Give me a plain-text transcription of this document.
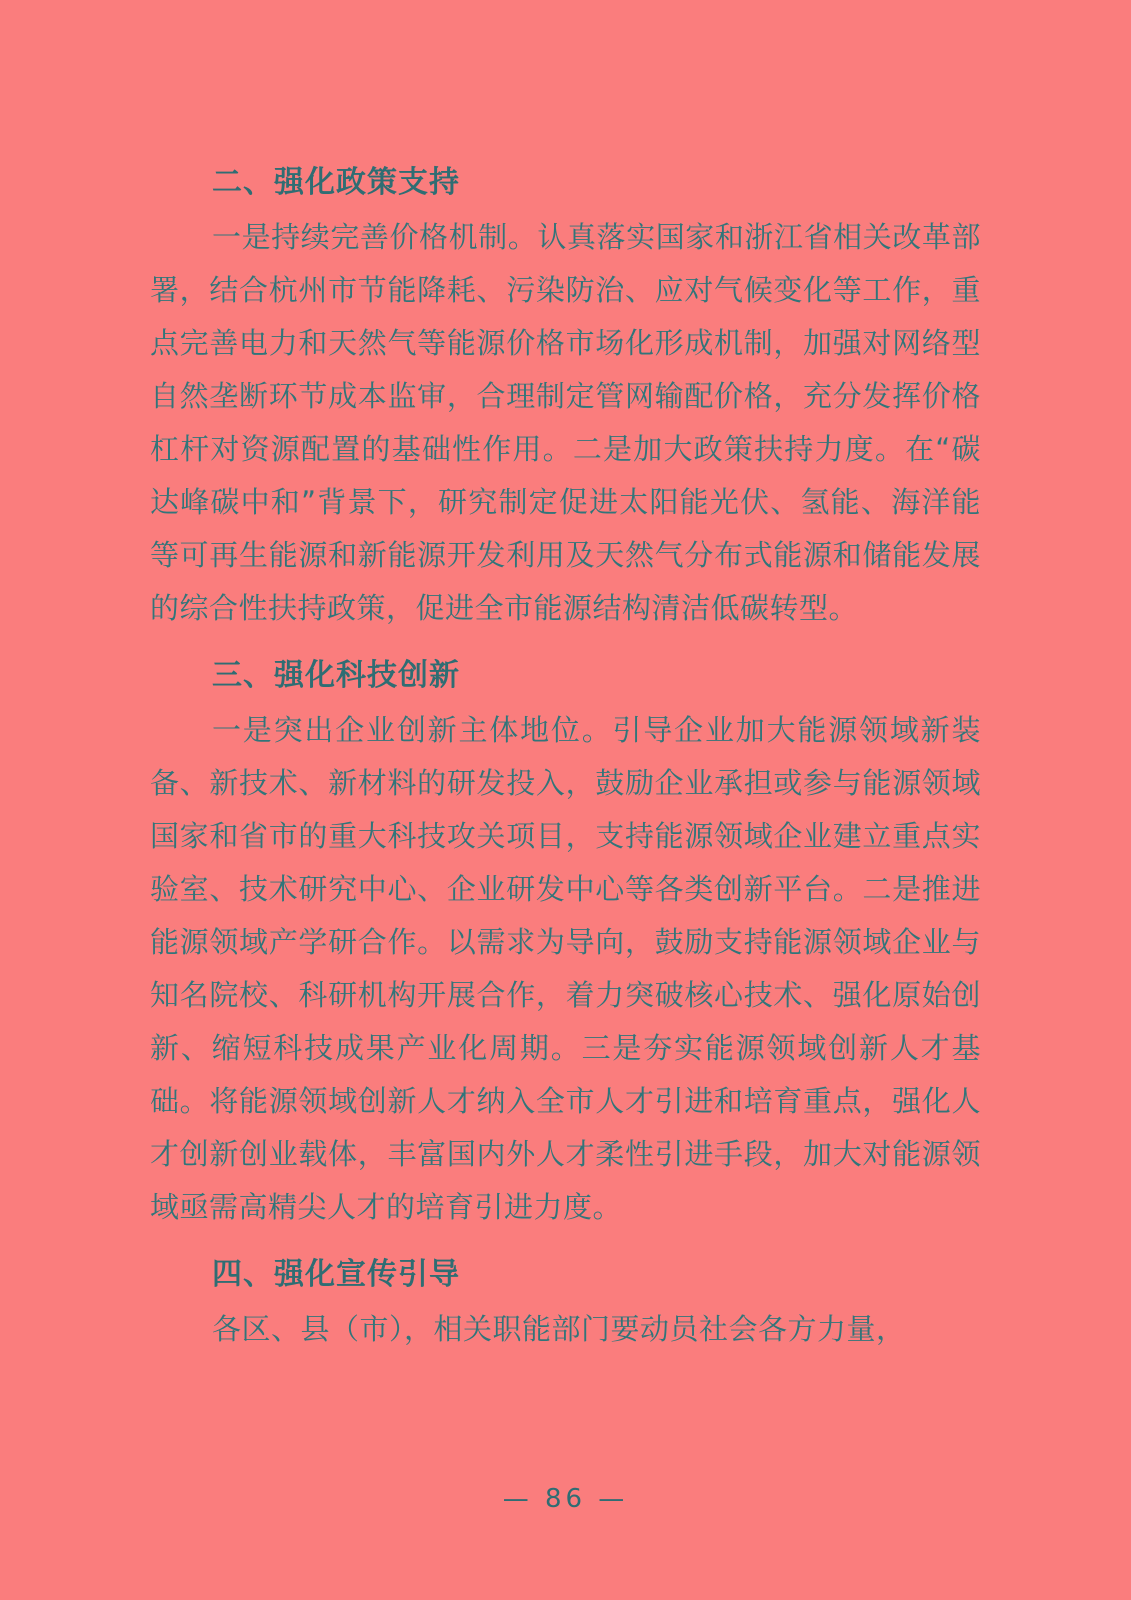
二、强化政策支持

一是持续完善价格机制。认真落实国家和浙江省相关改革部署，结合杭州市节能降耗、污染防治、应对气候变化等工作，重点完善电力和天然气等能源价格市场化形成机制，加强对网络型自然垄断环节成本监审，合理制定管网输配价格，充分发挥价格杠杆对资源配置的基础性作用。二是加大政策扶持力度。在“碳达峰碳中和”背景下，研究制定促进太阳能光伏、氢能、海洋能等可再生能源和新能源开发利用及天然气分布式能源和储能发展的综合性扶持政策，促进全市能源结构清洁低碳转型。

三、强化科技创新

一是突出企业创新主体地位。引导企业加大能源领域新装备、新技术、新材料的研发投入，鼓励企业承担或参与能源领域国家和省市的重大科技攻关项目，支持能源领域企业建立重点实验室、技术研究中心、企业研发中心等各类创新平台。二是推进能源领域产学研合作。以需求为导向，鼓励支持能源领域企业与知名院校、科研机构开展合作，着力突破核心技术、强化原始创新、缩短科技成果产业化周期。三是夯实能源领域创新人才基础。将能源领域创新人才纳入全市人才引进和培育重点，强化人才创新创业载体，丰富国内外人才柔性引进手段，加大对能源领域亟需高精尖人才的培育引进力度。

四、强化宣传引导

各区、县（市），相关职能部门要动员社会各方力量，

— 86 —
